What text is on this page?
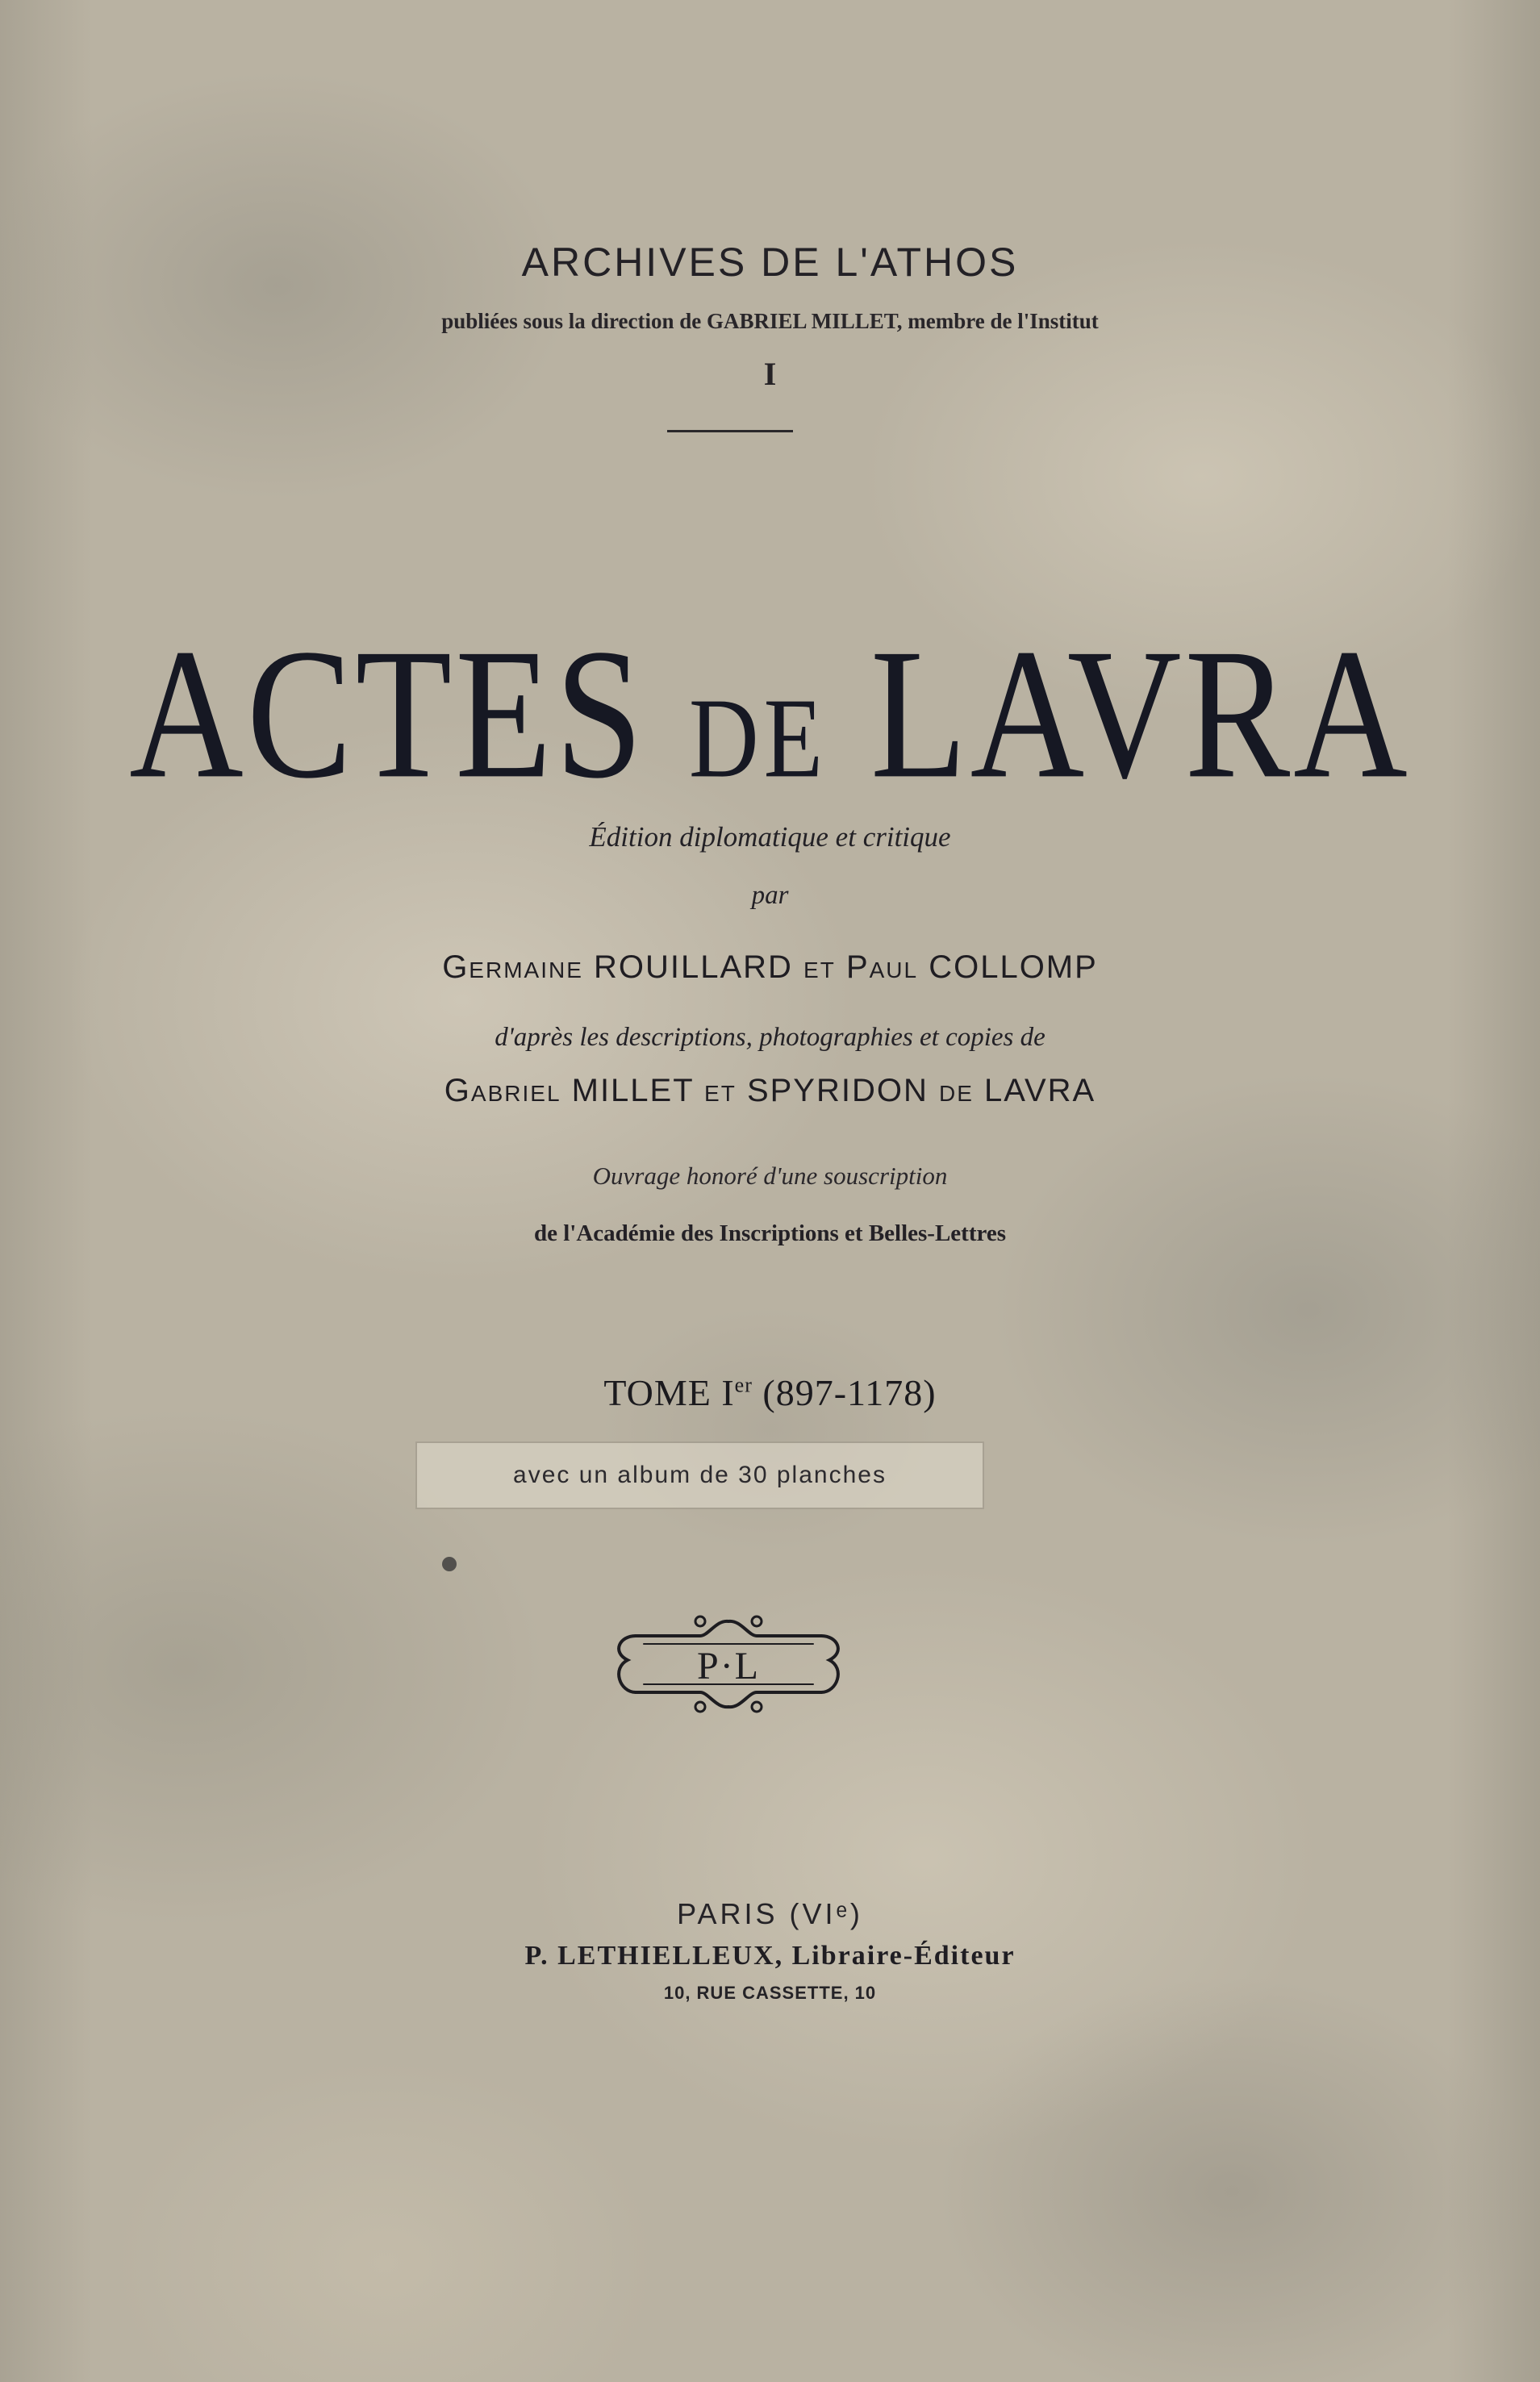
ARCHIVES DE L'ATHOS
publiées sous la direction de GABRIEL MILLET, membre de l'Institut
I
ACTES DE LAVRA
Édition diplomatique et critique
par
Germaine ROUILLARD et Paul COLLOMP
d'après les descriptions, photographies et copies de
Gabriel MILLET et SPYRIDON de LAVRA
Ouvrage honoré d'une souscription
de l'Académie des Inscriptions et Belles-Lettres
TOME Ier (897-1178)
avec un album de 30 planches
P·L
PARIS (VIᵉ)
P. LETHIELLEUX, Libraire-Éditeur
10, RUE CASSETTE, 10
